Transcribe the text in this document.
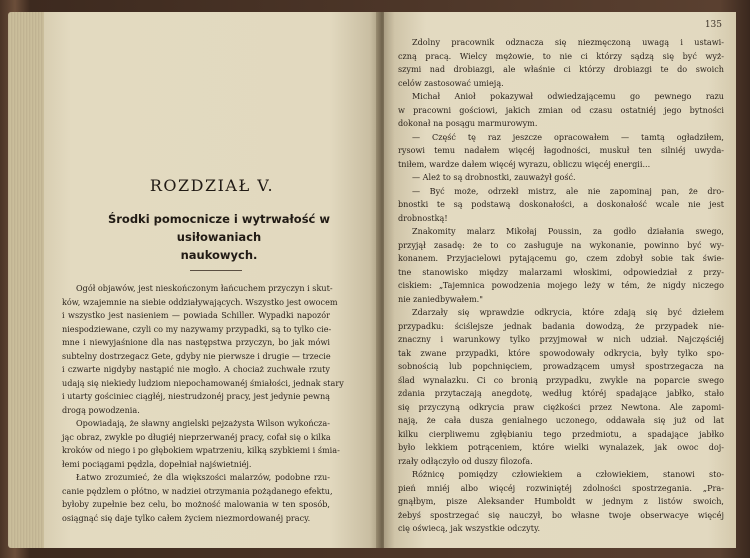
ROZDZIAŁ V.
Środki pomocnicze i wytrwałość w usiłowaniach
naukowych.
135
Ogół objawów, jest nieskończonym łańcuchem przyczyn i skut-
ków, wzajemnie na siebie oddziaływających. Wszystko jest owocem
i wszystko jest nasieniem — powiada Schiller. Wypadki napozór
niespodziewane, czyli co my nazywamy przypadki, są to tylko cie-
mne i niewyjaśnione dla nas następstwa przyczyn, bo jak mówi
subtelny dostrzegacz Gete, gdyby nie pierwsze i drugie — trzecie
i czwarte nigdyby nastąpić nie mogło. A chociaż zuchwałe rzuty
udają się niekiedy ludziom niepochamowanéj śmiałości, jednak stary
i utarty gościniec ciągłéj, niestrudzonéj pracy, jest jedynie pewną
drogą powodzenia.
Opowiadają, że sławny angielski pejzażysta Wilson wykończa-
jąc obraz, zwykle po długiéj nieprzerwanéj pracy, cofał się o kilka
kroków od niego i po głębokiem wpatrzeniu, kilką szybkiemi i śmia-
łemi pociągami pędzla, dopełniał najświetniéj.
Łatwo zrozumieć, że dla większości malarzów, podobne rzu-
canie pędzlem o płótno, w nadziei otrzymania pożądanego efektu,
byłoby zupełnie bez celu, bo możność malowania w ten sposób,
osiągnąć się daje tylko całem życiem niezmordowanéj pracy.
Zdolny pracownik odznacza się niezmęczoną uwagą i ustawi-
czną pracą. Wielcy mężowie, to nie ci którzy sądzą się być wyż-
szymi nad drobiazgi, ale właśnie ci którzy drobiazgi te do swoich
celów zastosować umieją.
Michał Anioł pokazywał odwiedzającemu go pewnego razu
w pracowni gościowi, jakich zmian od czasu ostatniéj jego bytności
dokonał na posągu marmurowym.
— Część tę raz jeszcze opracowałem — tamtą ogładziłem,
rysowi temu nadałem więcéj łagodności, muskuł ten silniéj uwyda-
tniłem, wardze dałem więcéj wyrazu, obliczu więcéj energii...
— Ależ to są drobnostki, zauważył gość.
— Być może, odrzekł mistrz, ale nie zapominaj pan, że dro-
bnostki te są podstawą doskonałości, a doskonałość wcale nie jest
drobnostką!
Znakomity malarz Mikołaj Poussin, za godło działania swego,
przyjął zasadę: że to co zasługuje na wykonanie, powinno być wy-
konanem. Przyjacielowi pytającemu go, czem zdobył sobie tak świe-
tne stanowisko między malarzami włoskimi, odpowiedział z przy-
ciskiem: „Tajemnica powodzenia mojego leży w tém, że nigdy niczego
nie zaniedbywałem."
Zdarzały się wprawdzie odkrycia, które zdają się być dziełem
przypadku: ściślejsze jednak badania dowodzą, że przypadek nie-
znaczny i warunkowy tylko przyjmował w nich udział. Najczęściéj
tak zwane przypadki, które spowodowały odkrycia, były tylko spo-
sobnością lub popchnięciem, prowadzącem umysł spostrzegacza na
ślad wynalazku. Ci co bronią przypadku, zwykle na poparcie swego
zdania przytaczają anegdotę, według któréj spadające jabłko, stało
się przyczyną odkrycia praw ciężkości przez Newtona. Ale zapomi-
nają, że cała dusza genialnego uczonego, oddawała się już od lat
kilku cierpliwemu zgłębianiu tego przedmiotu, a spadające jabłko
było lekkiem potrąceniem, które wielki wynalazek, jak owoc doj-
rzały odłączyło od duszy filozofa.
Różnicę pomiędzy człowiekiem a człowiekiem, stanowi sto-
pień mniéj albo więcéj rozwiniętéj zdolności spostrzegania. „Pra-
gnąłbym, pisze Aleksander Humboldt w jednym z listów swoich,
żebyś spostrzegać się nauczył, bo własne twoje obserwacye więcéj
cię oświecą, jak wszystkie odczyty.
